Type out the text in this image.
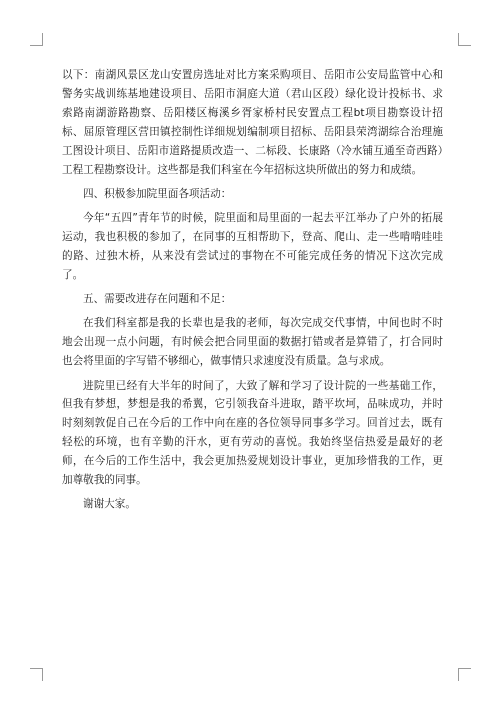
以下：南湖风景区龙山安置房选址对比方案采购项目、岳阳市公安局监管中心和警务实战训练基地建设项目、岳阳市洞庭大道（君山区段）绿化设计投标书、求索路南湖游路勘察、岳阳楼区梅溪乡胥家桥村民安置点工程bt项目勘察设计招标、屈原管理区营田镇控制性详细规划编制项目招标、岳阳县荣湾湖综合治理施工图设计项目、岳阳市道路提质改造一、二标段、长康路（冷水铺互通至奇西路）工程工程勘察设计。这些都是我们科室在今年招标这块所做出的努力和成绩。

四、积极参加院里面各项活动：

今年“五四”青年节的时候，院里面和局里面的一起去平江举办了户外的拓展运动，我也积极的参加了，在同事的互相帮助下，登高、爬山、走一些啃啃哇哇的路、过独木桥，从来没有尝试过的事物在不可能完成任务的情况下这次完成了。

五、需要改进存在问题和不足：

在我们科室都是我的长辈也是我的老师，每次完成交代事情，中间也时不时地会出现一点小问题，有时候会把合同里面的数据打错或者是算错了，打合同时也会将里面的字写错不够细心，做事情只求速度没有质量。急与求成。

进院里已经有大半年的时间了，大致了解和学习了设计院的一些基础工作，但我有梦想，梦想是我的希翼，它引领我奋斗进取，踏平坎坷，品味成功，并时时刻刻敦促自己在今后的工作中向在座的各位领导同事多学习。回首过去，既有轻松的环境，也有辛勤的汗水，更有劳动的喜悦。我始终坚信热爱是最好的老师，在今后的工作生活中，我会更加热爱规划设计事业，更加珍惜我的工作，更加尊敬我的同事。

谢谢大家。
